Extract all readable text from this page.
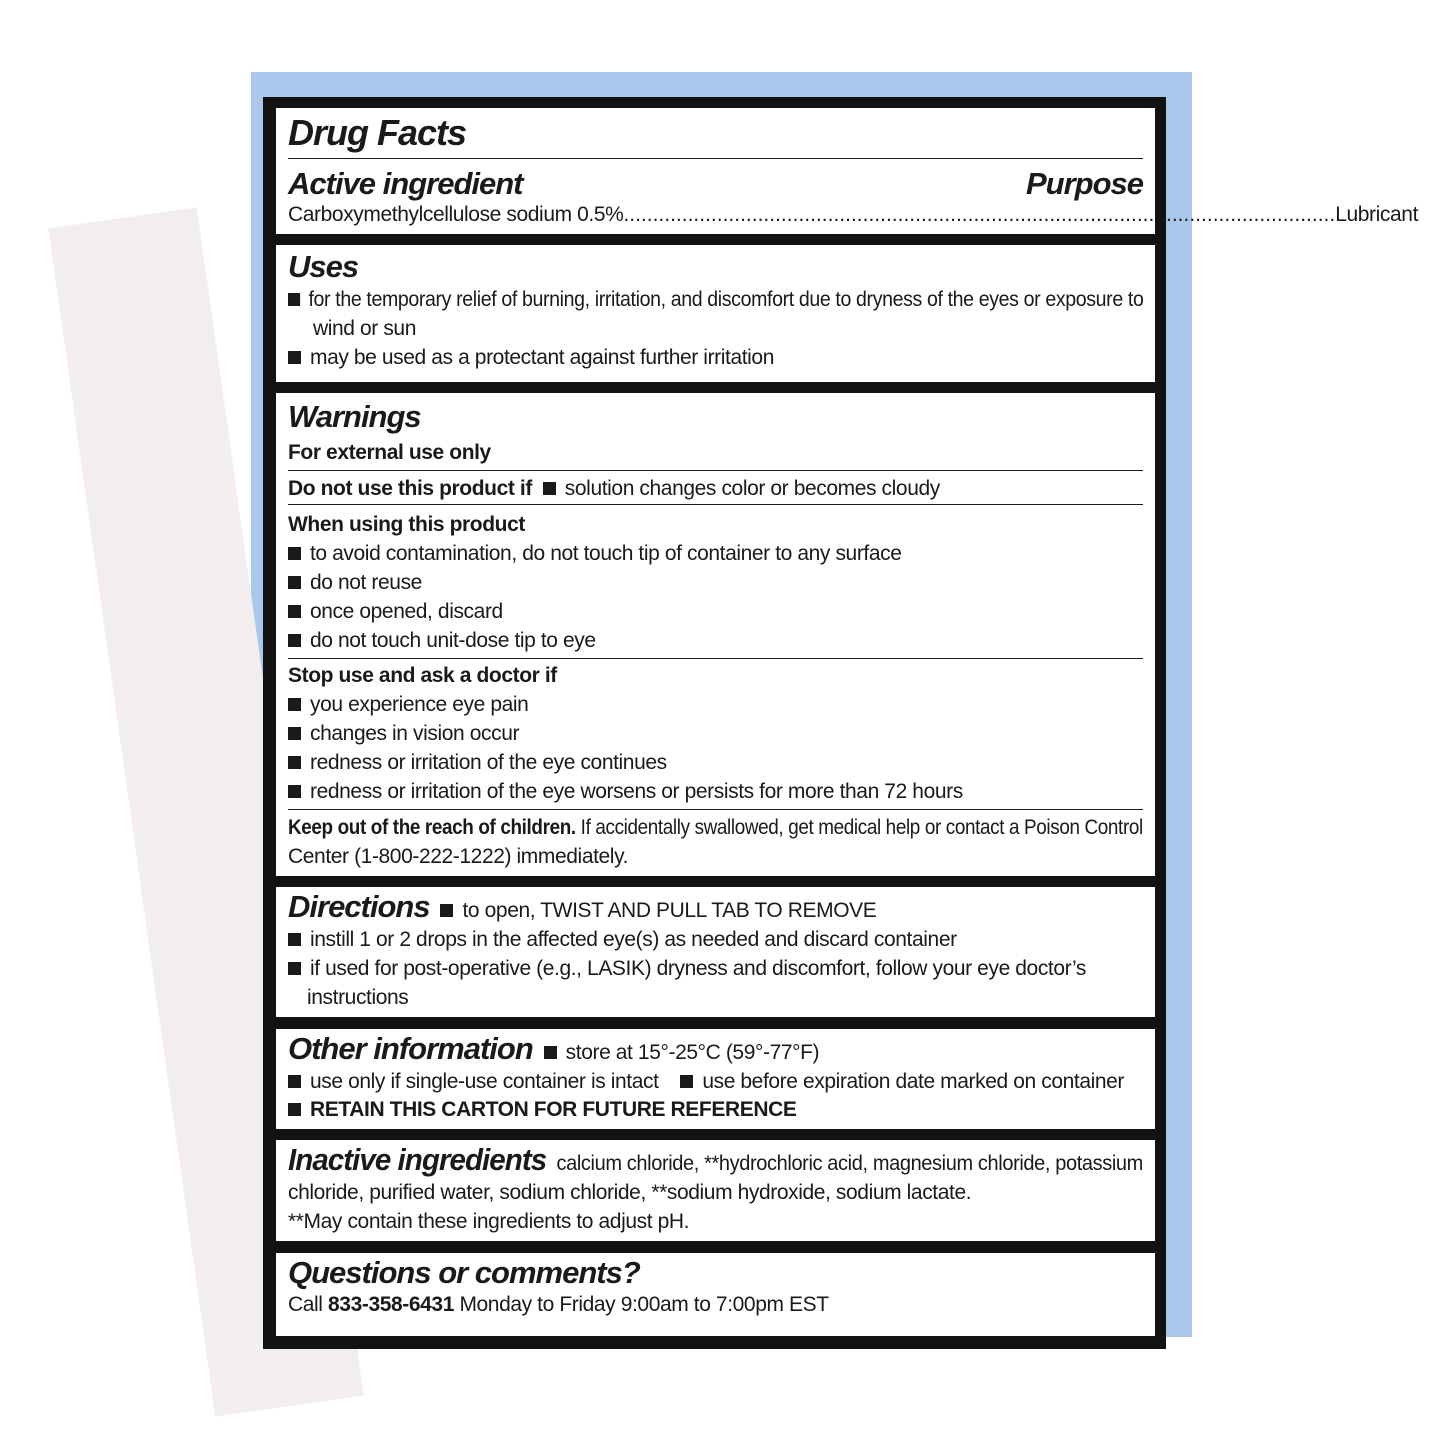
Drug Facts
Active ingredient	Purpose
Carboxymethylcellulose sodium 0.5% .......................................................................................................................... Lubricant
Uses
for the temporary relief of burning, irritation, and discomfort due to dryness of the eyes or exposure to
wind or sun
may be used as a protectant against further irritation
Warnings
For external use only
Do not use this product if solution changes color or becomes cloudy
When using this product
to avoid contamination, do not touch tip of container to any surface
do not reuse
once opened, discard
do not touch unit-dose tip to eye
Stop use and ask a doctor if
you experience eye pain
changes in vision occur
redness or irritation of the eye continues
redness or irritation of the eye worsens or persists for more than 72 hours
Keep out of the reach of children. If accidentally swallowed, get medical help or contact a Poison Control
Center (1-800-222-1222) immediately.
Directions to open, TWIST AND PULL TAB TO REMOVE
instill 1 or 2 drops in the affected eye(s) as needed and discard container
if used for post-operative (e.g., LASIK) dryness and discomfort, follow your eye doctor’s
instructions
Other information store at 15°-25°C (59°-77°F)
use only if single-use container is intact use before expiration date marked on container
RETAIN THIS CARTON FOR FUTURE REFERENCE
Inactive ingredients calcium chloride, **hydrochloric acid, magnesium chloride, potassium
chloride, purified water, sodium chloride, **sodium hydroxide, sodium lactate.
**May contain these ingredients to adjust pH.
Questions or comments?
Call 833-358-6431 Monday to Friday 9:00am to 7:00pm EST
